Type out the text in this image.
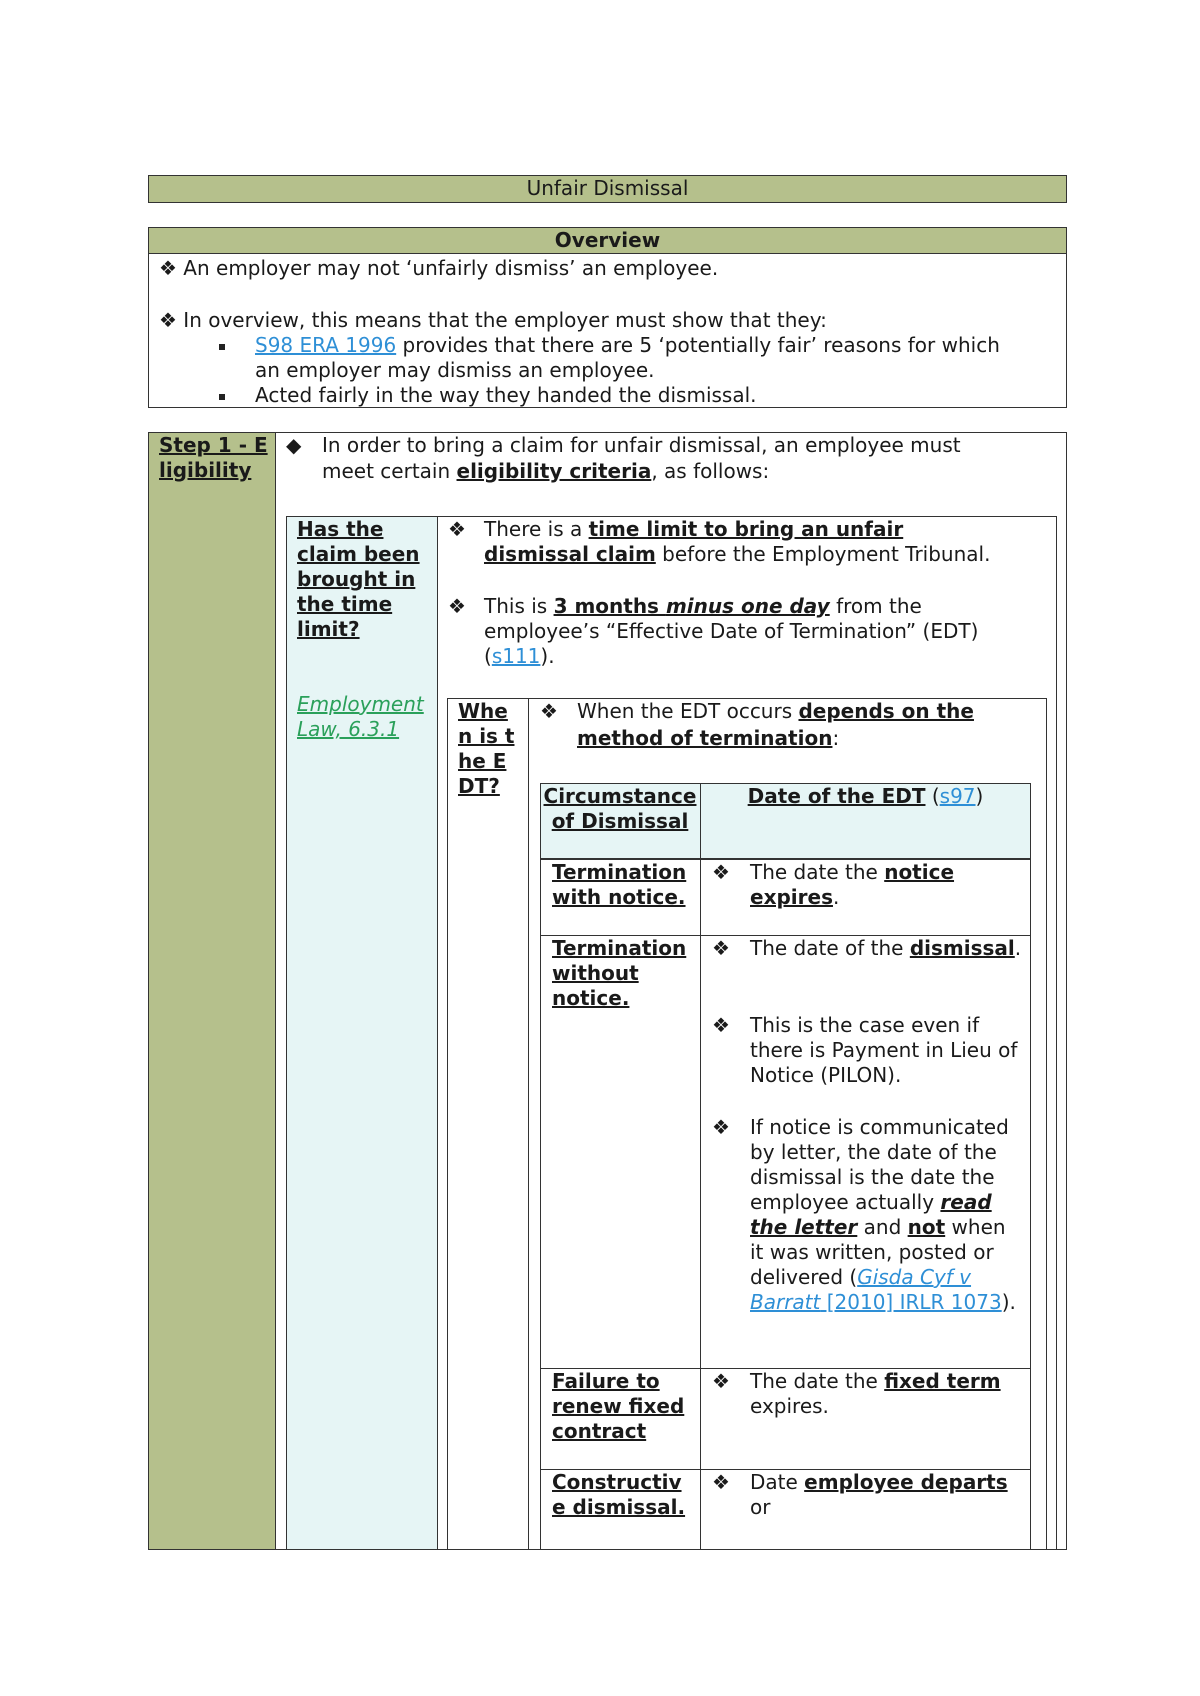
Unfair Dismissal
Overview
❖ An employer may not ‘unfairly dismiss’ an employee.
❖ In overview, this means that the employer must show that they:
S98 ERA 1996 provides that there are 5 ‘potentially fair’ reasons for which
an employer may dismiss an employee.
Acted fairly in the way they handed the dismissal.
Step 1 - Eligibility
◆ In order to bring a claim for unfair dismissal, an employee must
meet certain eligibility criteria, as follows:
Has the claim been brought in the time limit?
Employment Law, 6.3.1
❖ There is a time limit to bring an unfair
dismissal claim before the Employment Tribunal.
❖ This is 3 months minus one day from the
employee’s “Effective Date of Termination” (EDT)
(s111).
When is the EDT?
❖ When the EDT occurs depends on the
method of termination:
Circumstance of Dismissal
Date of the EDT (s97)
Termination with notice.
❖ The date the notice expires.
Termination without notice.
❖ The date of the dismissal.
❖ This is the case even if there is Payment in Lieu of Notice (PILON).
❖ If notice is communicated by letter, the date of the dismissal is the date the employee actually read the letter and not when it was written, posted or delivered (Gisda Cyf v Barratt [2010] IRLR 1073).
Failure to renew fixed contract
❖ The date the fixed term expires.
Constructive dismissal.
❖ Date employee departs or
